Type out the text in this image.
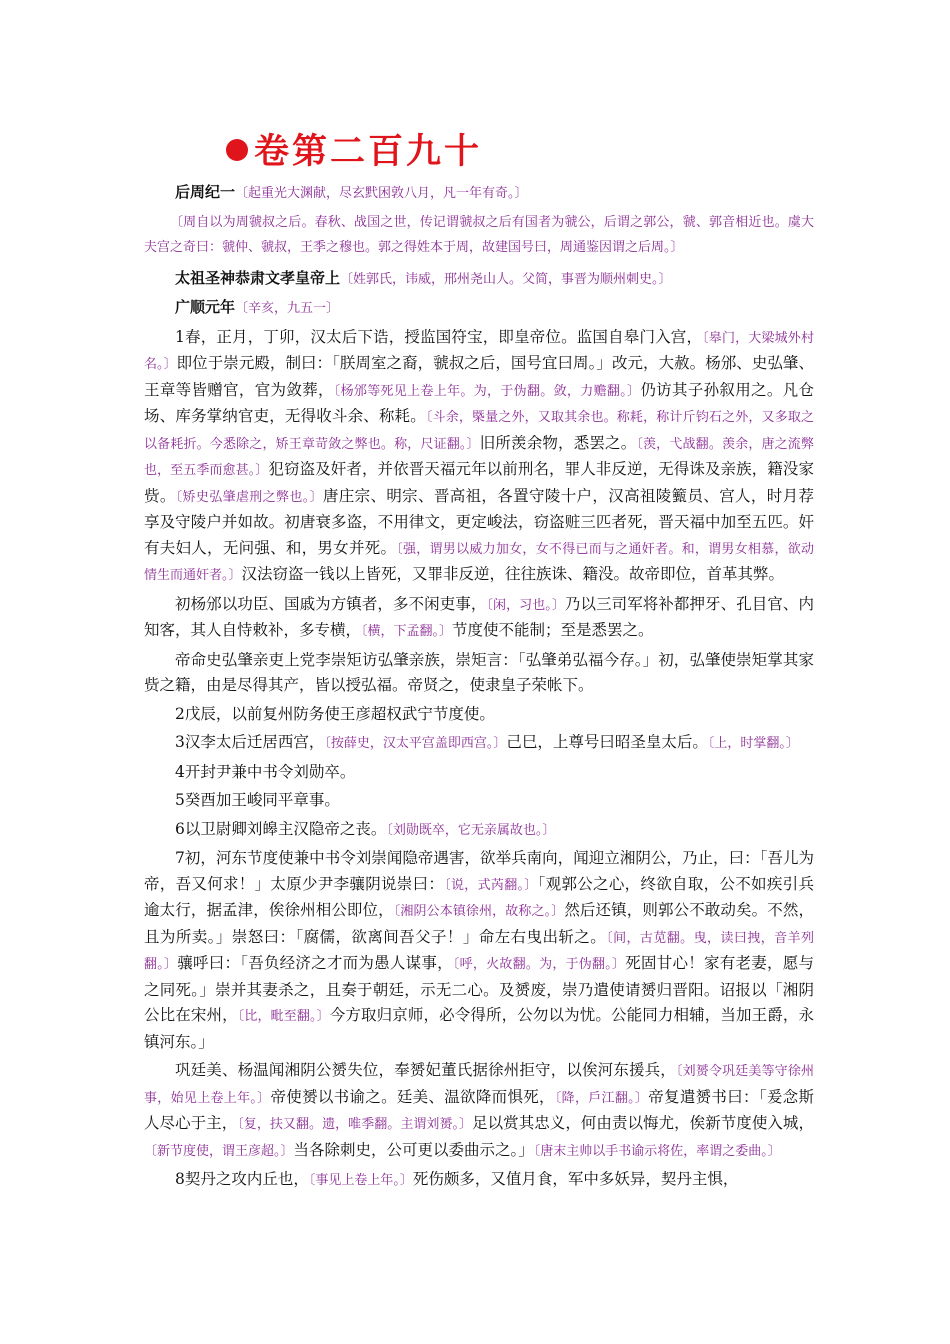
卷第二百九十

后周纪一〔起重光大渊献，尽玄黓困敦八月，凡一年有奇。〕

〔周自以为周虢叔之后。春秋、战国之世，传记谓虢叔之后有国者为虢公，后谓之郭公，虢、郭音相近也。虞大夫宫之奇曰：虢仲、虢叔，王季之穆也。郭之得姓本于周，故建国号曰，周通鉴因谓之后周。〕

太祖圣神恭肃文孝皇帝上〔姓郭氏，讳威，邢州尧山人。父简，事晋为顺州刺史。〕

广顺元年〔辛亥，九五一〕

1春，正月，丁卯，汉太后下诰，授监国符宝，即皇帝位。监国自皋门入宫，〔皋门，大梁城外村名。〕即位于崇元殿，制曰：「朕周室之裔，虢叔之后，国号宜曰周。」改元，大赦。杨邠、史弘肇、王章等皆赠官，官为敛葬，〔杨邠等死见上卷上年。为，于伪翻。敛，力赡翻。〕仍访其子孙叙用之。凡仓场、库务掌纳官吏，无得收斗余、称耗。〔斗余，槩量之外，又取其余也。称耗，称计斤钧石之外，又多取之以备耗折。今悉除之，矫王章苛敛之弊也。称，尺证翻。〕旧所羡余物，悉罢之。〔羡，弋战翻。羡余，唐之流弊也，至五季而愈甚。〕犯窃盗及奸者，并依晋天福元年以前刑名，罪人非反逆，无得诛及亲族，籍没家赀。〔矫史弘肇虐刑之弊也。〕唐庄宗、明宗、晋高祖，各置守陵十户，汉高祖陵籈员、宫人，时月荐享及守陵户并如故。初唐衰多盗，不用律文，更定峻法，窃盗赃三匹者死，晋天福中加至五匹。奸有夫妇人，无问强、和，男女并死。〔强，谓男以威力加女，女不得已而与之通奸者。和，谓男女相慕，欲动情生而通奸者。〕汉法窃盗一钱以上皆死，又罪非反逆，往往族诛、籍没。故帝即位，首革其弊。

初杨邠以功臣、国戚为方镇者，多不闲吏事，〔闲，习也。〕乃以三司军将补都押牙、孔目官、内知客，其人自恃敕补，多专横，〔横，下孟翻。〕节度使不能制；至是悉罢之。

帝命史弘肇亲吏上党李崇矩访弘肇亲族，崇矩言：「弘肇弟弘福今存。」初，弘肇使崇矩掌其家赀之籍，由是尽得其产，皆以授弘福。帝贤之，使隶皇子荣帐下。

2戊辰，以前复州防务使王彦超权武宁节度使。

3汉李太后迁居西宫，〔按薛史，汉太平宫盖即西宫。〕己巳，上尊号曰昭圣皇太后。〔上，时掌翻。〕

4开封尹兼中书令刘勋卒。

5癸酉加王峻同平章事。

6以卫尉卿刘皞主汉隐帝之丧。〔刘勋既卒，它无亲属故也。〕

7初，河东节度使兼中书令刘崇闻隐帝遇害，欲举兵南向，闻迎立湘阴公，乃止，曰：「吾儿为帝，吾又何求！」太原少尹李骧阴说崇曰：〔说，式芮翻。〕「观郭公之心，终欲自取，公不如疾引兵逾太行，据孟津，俟徐州相公即位，〔湘阴公本镇徐州，故称之。〕然后还镇，则郭公不敢动矣。不然，且为所卖。」崇怒曰：「腐儒，欲离间吾父子！」命左右曳出斩之。〔间，古苋翻。曳，读曰拽，音羊列翻。〕骧呼曰：「吾负经济之才而为愚人谋事，〔呼，火故翻。为，于伪翻。〕死固甘心！家有老妻，愿与之同死。」崇并其妻杀之，且奏于朝廷，示无二心。及赟废，崇乃遣使请赟归晋阳。诏报以「湘阴公比在宋州，〔比，毗至翻。〕今方取归京师，必令得所，公勿以为忧。公能同力相辅，当加王爵，永镇河东。」

巩廷美、杨温闻湘阴公赟失位，奉赟妃董氏据徐州拒守，以俟河东援兵，〔刘赟令巩廷美等守徐州事，始见上卷上年。〕帝使赟以书谕之。廷美、温欲降而惧死，〔降，戶江翻。〕帝复遣赟书曰：「爰念斯人尽心于主，〔复，扶又翻。遗，唯季翻。主谓刘赟。〕足以赏其忠义，何由责以悔尤，俟新节度使入城，〔新节度使，谓王彦超。〕当各除刺史，公可更以委曲示之。」〔唐末主帅以手书谕示将佐，率谓之委曲。〕

8契丹之攻内丘也，〔事见上卷上年。〕死伤颇多，又值月食，军中多妖异，契丹主惧，
